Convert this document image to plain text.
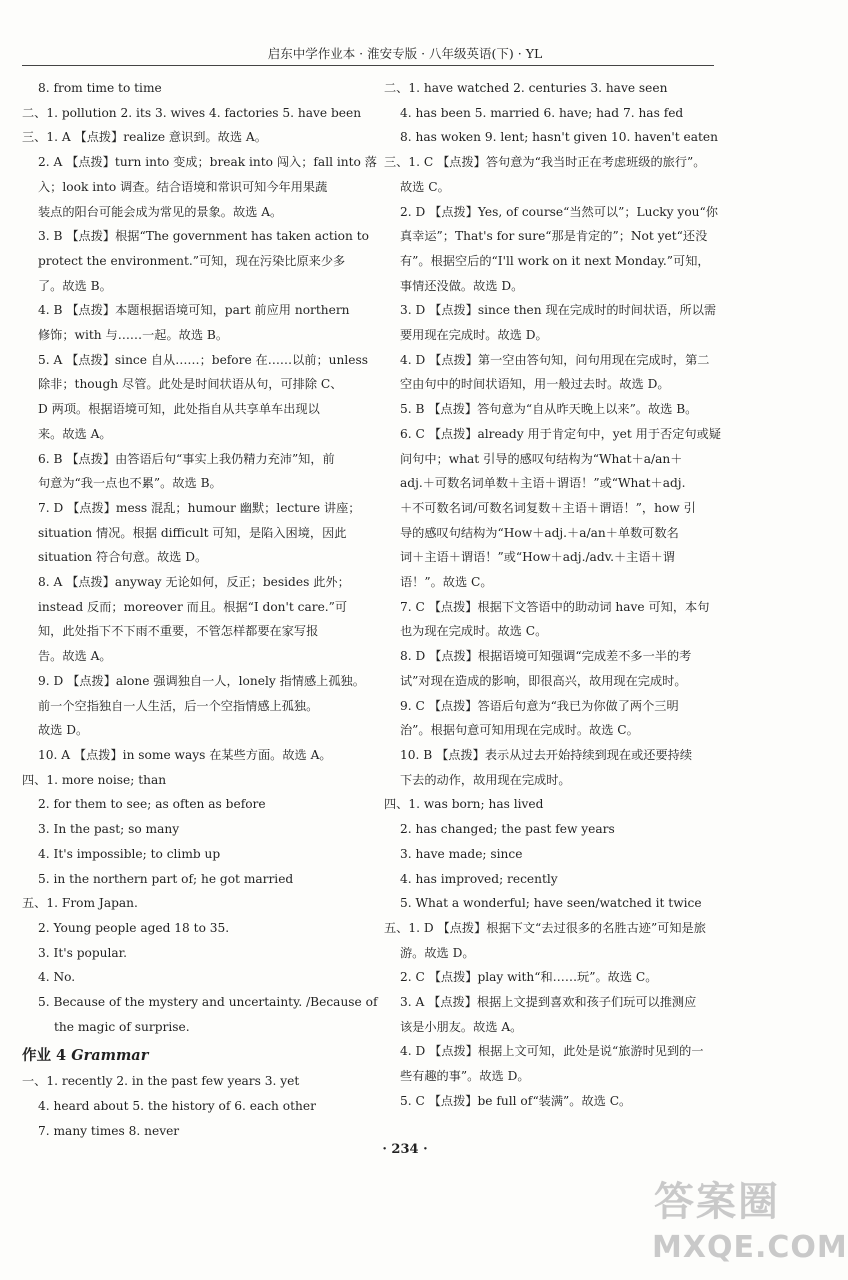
启东中学作业本 · 淮安专版 · 八年级英语(下) · YL
8. from time to time
二、1. pollution 2. its 3. wives 4. factories 5. have been
三、1. A 【点拨】realize 意识到。故选 A。
2. A 【点拨】turn into 变成；break into 闯入；fall into 落
入；look into 调查。结合语境和常识可知今年用果蔬
装点的阳台可能会成为常见的景象。故选 A。
3. B 【点拨】根据“The government has taken action to
protect the environment.”可知，现在污染比原来少多
了。故选 B。
4. B 【点拨】本题根据语境可知，part 前应用 northern
修饰；with 与……一起。故选 B。
5. A 【点拨】since 自从……；before 在……以前；unless
除非；though 尽管。此处是时间状语从句，可排除 C、
D 两项。根据语境可知，此处指自从共享单车出现以
来。故选 A。
6. B 【点拨】由答语后句“事实上我仍精力充沛”知，前
句意为“我一点也不累”。故选 B。
7. D 【点拨】mess 混乱；humour 幽默；lecture 讲座；
situation 情况。根据 difficult 可知，是陷入困境，因此
situation 符合句意。故选 D。
8. A 【点拨】anyway 无论如何，反正；besides 此外；
instead 反而；moreover 而且。根据“I don't care.”可
知，此处指下不下雨不重要，不管怎样都要在家写报
告。故选 A。
9. D 【点拨】alone 强调独自一人，lonely 指情感上孤独。
前一个空指独自一人生活，后一个空指情感上孤独。
故选 D。
10. A 【点拨】in some ways 在某些方面。故选 A。
四、1. more noise; than
2. for them to see; as often as before
3. In the past; so many
4. It's impossible; to climb up
5. in the northern part of; he got married
五、1. From Japan.
2. Young people aged 18 to 35.
3. It's popular.
4. No.
5. Because of the mystery and uncertainty. /Because of
the magic of surprise.
作业 4 Grammar
一、1. recently 2. in the past few years 3. yet
4. heard about 5. the history of 6. each other
7. many times 8. never
二、1. have watched 2. centuries 3. have seen
4. has been 5. married 6. have; had 7. has fed
8. has woken 9. lent; hasn't given 10. haven't eaten
三、1. C 【点拨】答句意为“我当时正在考虑班级的旅行”。
故选 C。
2. D 【点拨】Yes, of course“当然可以”；Lucky you“你
真幸运”；That's for sure“那是肯定的”；Not yet“还没
有”。根据空后的“I'll work on it next Monday.”可知，
事情还没做。故选 D。
3. D 【点拨】since then 现在完成时的时间状语，所以需
要用现在完成时。故选 D。
4. D 【点拨】第一空由答句知，问句用现在完成时，第二
空由句中的时间状语知，用一般过去时。故选 D。
5. B 【点拨】答句意为“自从昨天晚上以来”。故选 B。
6. C 【点拨】already 用于肯定句中，yet 用于否定句或疑
问句中；what 引导的感叹句结构为“What＋a/an＋
adj.＋可数名词单数＋主语＋谓语！”或“What＋adj.
＋不可数名词/可数名词复数＋主语＋谓语！”，how 引
导的感叹句结构为“How＋adj.＋a/an＋单数可数名
词＋主语＋谓语！”或“How＋adj./adv.＋主语＋谓
语！”。故选 C。
7. C 【点拨】根据下文答语中的助动词 have 可知，本句
也为现在完成时。故选 C。
8. D 【点拨】根据语境可知强调“完成差不多一半的考
试”对现在造成的影响，即很高兴，故用现在完成时。
9. C 【点拨】答语后句意为“我已为你做了两个三明
治”。根据句意可知用现在完成时。故选 C。
10. B 【点拨】表示从过去开始持续到现在或还要持续
下去的动作，故用现在完成时。
四、1. was born; has lived
2. has changed; the past few years
3. have made; since
4. has improved; recently
5. What a wonderful; have seen/watched it twice
五、1. D 【点拨】根据下文“去过很多的名胜古迹”可知是旅
游。故选 D。
2. C 【点拨】play with“和……玩”。故选 C。
3. A 【点拨】根据上文提到喜欢和孩子们玩可以推测应
该是小朋友。故选 A。
4. D 【点拨】根据上文可知，此处是说“旅游时见到的一
些有趣的事”。故选 D。
5. C 【点拨】be full of“装满”。故选 C。
· 234 ·
答案圈
MXQE.COM
